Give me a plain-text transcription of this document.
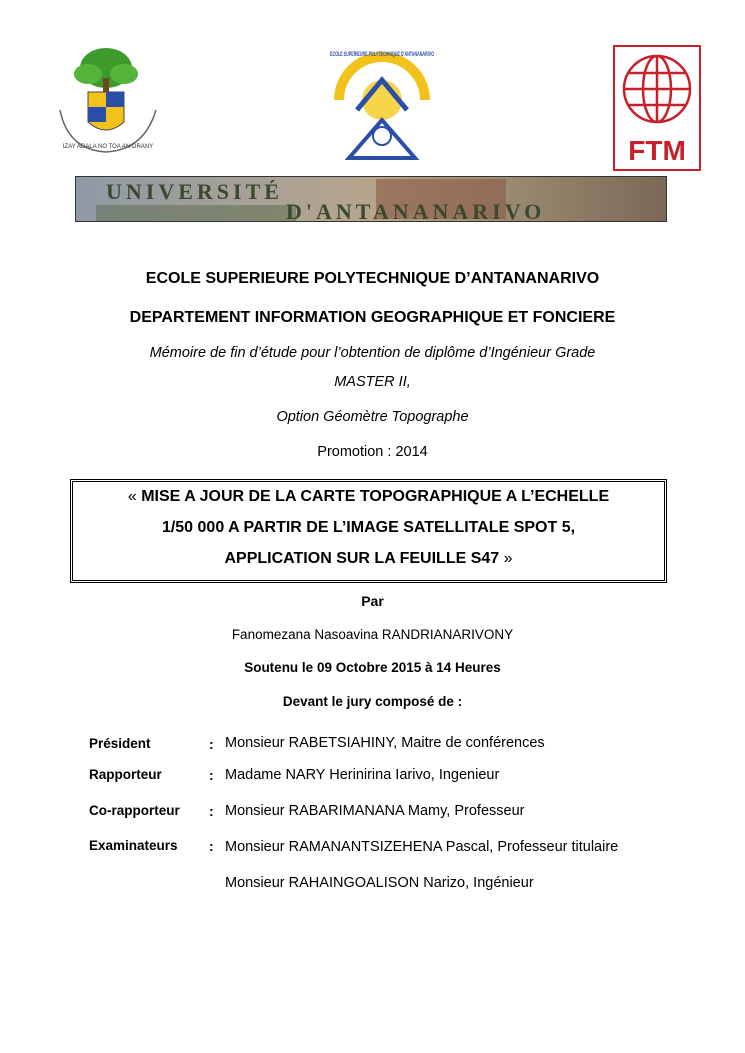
IZAY ADALA NO TOA AN-DRANY
ECOLE SUPERIEURE POLYTECHNIQUE D'ANTANANARIVO
FTM
UNIVERSITÉ
D'ANTANANARIVO
ECOLE SUPERIEURE POLYTECHNIQUE D’ANTANANARIVO
DEPARTEMENT INFORMATION GEOGRAPHIQUE ET FONCIERE
Mémoire de fin d’étude pour l’obtention de diplôme d’Ingénieur Grade
MASTER II,
Option Géomètre Topographe
Promotion : 2014
« MISE A JOUR DE LA CARTE TOPOGRAPHIQUE A L’ECHELLE
1/50 000 A PARTIR DE L’IMAGE SATELLITALE SPOT 5,
APPLICATION SUR LA FEUILLE S47 »
Par
Fanomezana Nasoavina RANDRIANARIVONY
Soutenu le 09 Octobre 2015 à 14 Heures
Devant le jury composé de :
Président	: Monsieur RABETSIAHINY, Maitre de conférences
Rapporteur	: Madame NARY Herinirina Iarivo, Ingenieur
Co-rapporteur : Monsieur RABARIMANANA Mamy, Professeur
Examinateurs : Monsieur RAMANANTSIZEHENA Pascal, Professeur titulaire
Monsieur RAHAINGOALISON Narizo, Ingénieur
